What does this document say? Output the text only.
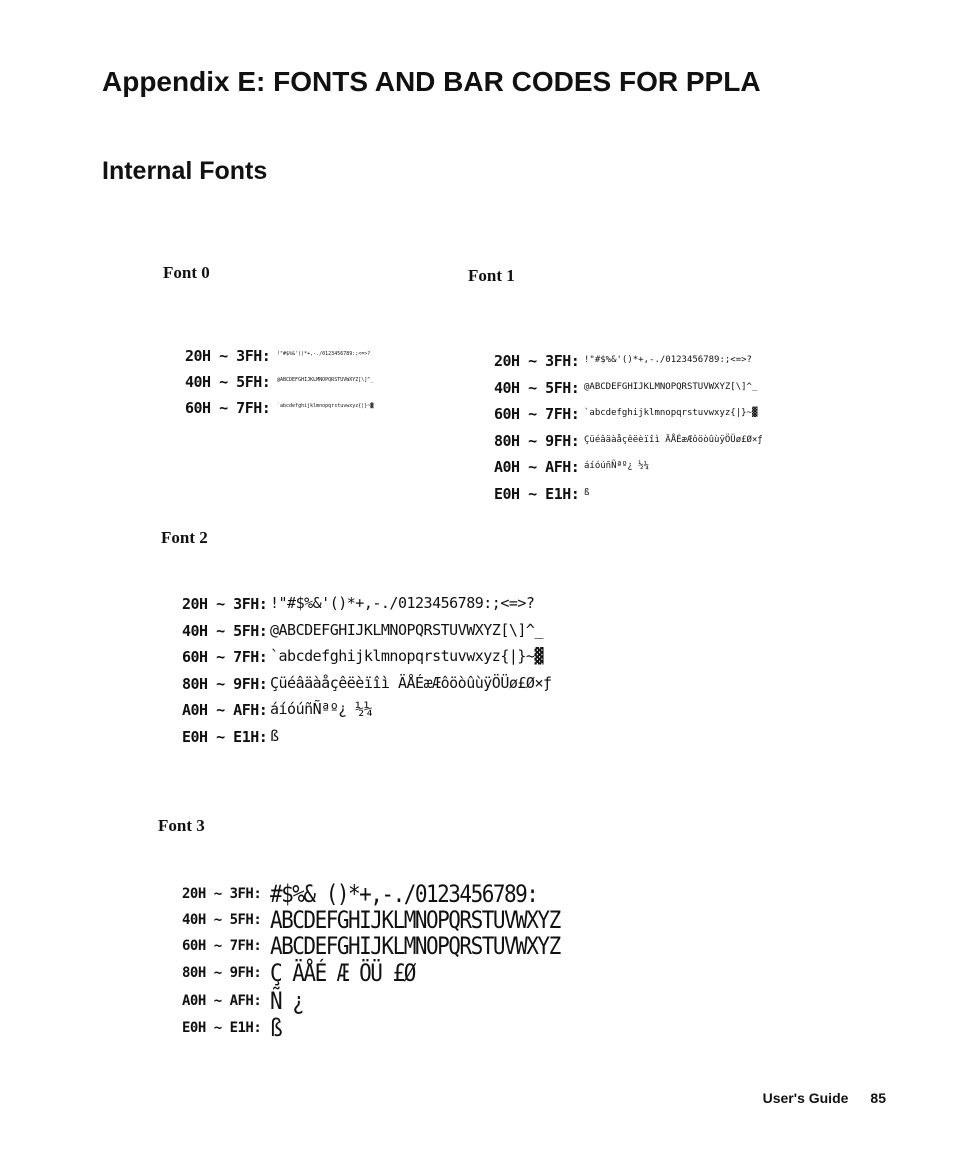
Appendix E: FONTS AND BAR CODES FOR PPLA
Internal Fonts
Font 0
20H ~ 3FH: !"#$%&'()*+,-./0123456789:;<=>?
40H ~ 5FH: @ABCDEFGHIJKLMNOPQRSTUVWXYZ[\]^_
60H ~ 7FH: `abcdefghijklmnopqrstuvwxyz{|}~▓
Font 1
20H ~ 3FH: !"#$%&'()*+,-./0123456789:;<=>?
40H ~ 5FH: @ABCDEFGHIJKLMNOPQRSTUVWXYZ[\]^_
60H ~ 7FH: `abcdefghijklmnopqrstuvwxyz{|}~▓
80H ~ 9FH: Çüéâäàåçêëèïîì ÄÅÉæÆôöòûùÿÖÜø£Ø×ƒ
A0H ~ AFH: áíóúñÑªº¿ ½¼
E0H ~ E1H: ß
Font 2
20H ~ 3FH: !"#$%&'()*+,-./0123456789:;<=>?
40H ~ 5FH: @ABCDEFGHIJKLMNOPQRSTUVWXYZ[\]^_
60H ~ 7FH: `abcdefghijklmnopqrstuvwxyz{|}~▓
80H ~ 9FH: Çüéâäàåçêëèïîì ÄÅÉæÆôöòûùÿÖÜø£Ø×ƒ
A0H ~ AFH: áíóúñÑªº¿ ½¼
E0H ~ E1H: ß
Font 3
20H ~ 3FH: #$%& ()*+,-./0123456789:
40H ~ 5FH: ABCDEFGHIJKLMNOPQRSTUVWXYZ
60H ~ 7FH: ABCDEFGHIJKLMNOPQRSTUVWXYZ
80H ~ 9FH: Ç ÄÅÉ Æ ÖÜ £Ø
A0H ~ AFH: Ñ ¿
E0H ~ E1H: ß
User's Guide 85
